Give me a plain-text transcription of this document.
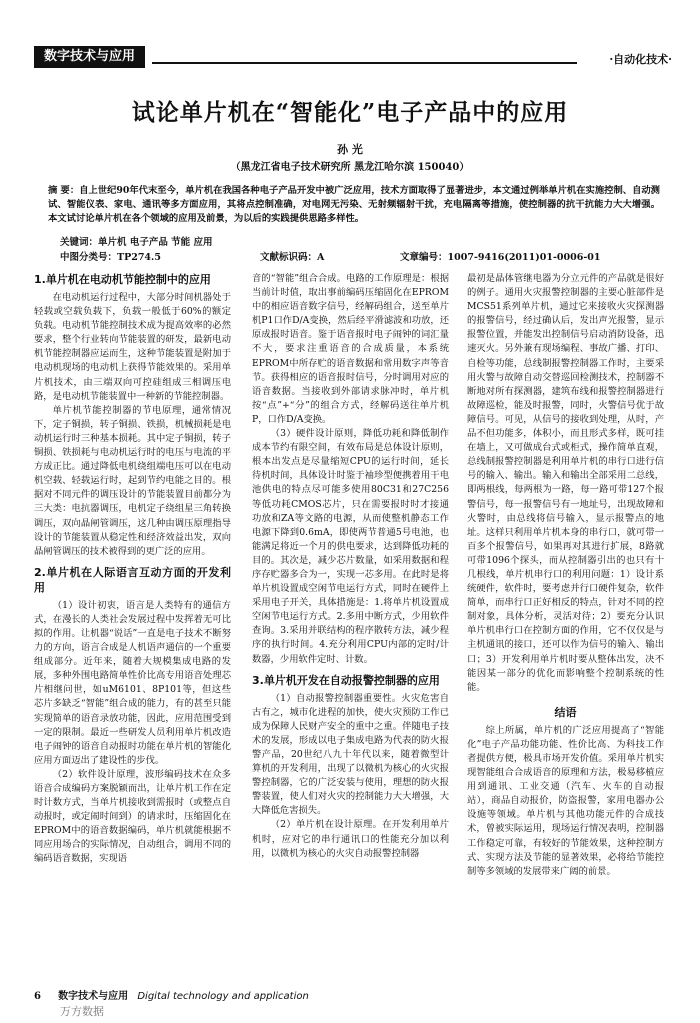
数字技术与应用	·自动化技术·
试论单片机在“智能化”电子产品中的应用
孙 光
（黑龙江省电子技术研究所 黑龙江哈尔滨 150040）
摘 要：自上世纪90年代末至今，单片机在我国各种电子产品开发中被广泛应用，技术方面取得了显著进步，本文通过例举单片机在实施控制、自动测试、智能仪表、家电、通讯等多方面应用，其将点控制准确，对电网无污染、无射频辐射干扰，充电隔离等措施，使控制器的抗干抗能力大大增强。本文试讨论单片机在各个领域的应用及前景，为以后的实践提供思路多样性。
关键词：单片机 电子产品 节能 应用
中图分类号：TP274.5	文献标识码：A	文章编号：1007-9416(2011)01-0006-01
1.单片机在电动机节能控制中的应用

在电动机运行过程中，大部分时间机器处于轻载或空载负载下，负载一般低于60%的额定负载。电动机节能控制技术成为提高效率的必然要求，整个行业转向节能装置的研发，最新电动机节能控制器应运而生，这种节能装置是附加于电动机现场的电动机上获得节能效果的。采用单片机技术，由三端双向可控硅组成三相调压电路，是电动机节能装置中一种新的节能控制器。

单片机节能控制器的节电原理，通常情况下，定子铜损，转子铜损、铁损，机械损耗是电动机运行时三种基本损耗。其中定子铜损，转子铜损、铁损耗与电动机运行时的电压与电流的平方成正比。通过降低电机绕组端电压可以在电动机空载、轻载运行时，起到节约电能之目的。根据对不同元件的调压设计的节能装置目前都分为三大类：电抗器调压，电机定子绕组星三角转换调压，双向晶闸管调压，这几种由调压原理指导设计的节能装置从稳定性和经济效益出发，双向晶闸管调压的技术被得到的更广泛的应用。

2.单片机在人际语言互动方面的开发利用

（1）设计初衷，语言是人类特有的通信方式，在漫长的人类社会发展过程中发挥着无可比拟的作用。让机器“说话”一直是电子技术不断努力的方向，语言合成是人机语声通信的一个重要组成部分。近年来，随着大规模集成电路的发展，多种外围电路简单性价比高专用语音处理芯片相继问世，如uM6101、8P101等，但这些芯片多缺乏“智能”组合成的能力，有的甚至只能实现简单的语音录放功能，因此，应用范围受到一定的限制。最近一些研发人员利用单片机改造电子闹钟的语音自动报时功能在单片机的智能化应用方面迈出了建设性的步伐。

（2）软件设计原理，波形编码技术在众多语音合成编码方案脱颖而出，让单片机工作在定时计数方式，当单片机接收到需报时（或整点自动报时，或定闹时间到）的请求时，压缩固化在EPROM中的语音数据编码，单片机就能根据不同应用场合的实际情况，自动组合，调用不同的编码语音数据，实现语

音的“智能”组合合成。电路的工作原理是：根据当前计时值，取出事前编码压缩固化在EPROM中的相应语音数字信号，经解码组合，送至单片机P1口作D/A变换，然后经平滑滤波和功放，还原成报时语音。鉴于语音报时电子闹钟的词汇量不大，要求注重语音的合成质量，本系统EPROM中所存贮的语音数据和常用数字声等音节。获得相应的语音报时信号，分时调用对应的语音数据。当接收到外部请求脉冲时，单片机按“点”+“分”的组合方式，经解码送往单片机P，口作D/A变换。

（3）硬件设计原则，降低功耗和降低制作成本节约有限空间，有效布局是总体设计原则，根本出发点是尽量缩短CPU的运行时间，延长待机时间，具体设计时鉴于袖珍型便携着用干电池供电的特点尽可能多使用80C31和27C256等低功耗CMOS芯片，只在需要报时时才接通功放和ZA等文路的电源，从而使整机静态工作电源下降到0.6mA，即使两节普通5号电池，也能满足将近一个月的供电要求，达到降低功耗的目的。其次是，减少芯片数量，如采用数据和程序存贮器多合为一，实现一芯多用。在此时是将单片机设置成空闲节电运行方式，同时在硬件上采用电子开关，具体措施是：1.将单片机设置成空闲节电运行方式。2.多用中断方式，少用软件查询。3.采用并联结构的程序散转方法，减少程序的执行时间。4.充分利用CPU内部的定时/计数器，少用软件定时、计数。

3.单片机开发在自动报警控制器的应用

（1）自动报警控制器重要性。火灾危害自古有之，城市化进程的加快，使火灾预防工作已成为保障人民财产安全的重中之重。伴随电子技术的发展，形成以电子集成电路为代表的防火报警产品，20世纪八九十年代以来，随着微型计算机的开发利用，出现了以微机为核心的火灾报警控制器，它的广泛安装与使用，理想的防火报警装置，使人们对火灾的控制能力大大增强，大大降低危害损失。

（2）单片机在设计原理。在开发利用单片机时，应对它的串行通讯口的性能充分加以利用，以微机为核心的火灾自动报警控制器

最初是晶体管继电器为分立元件的产品就是很好的例子。通用火灾报警控制器的主要心脏部件是MCS51系列单片机，通过它来接收火灾探测器的报警信号，经过确认后，发出声光报警，显示报警位置，并能发出控制信号启动消防设备，迅速灭火。另外兼有现场编程、事故广播、打印、自检等功能，总线制报警控制器工作时，主要采用火警与故障自动交替巡回检测技术，控制器不断地对所有探测器，建筑布线和报警控制器进行故障巡检，能及时报警，同时，火警信号优于故障信号。可见，从信号的接收到处理，从时，产品不但功能多，体积小，而且形式多样，既可挂在墙上，又可做成台式或柜式，操作简单直观，总线制报警控制器是利用单片机的串行口进行信号的输入、输出。输入和输出全部采用二总线，即两根线，每两根为一路，每一路可带127个报警信号，每一报警信号有一地址号，出现故障和火警时，由总线将信号输入，显示报警点的地址。这样只利用单片机本身的串行口，就可带一百多个报警信号，如果再对其进行扩展，8路就可带1096个探头，而从控制器引出的也只有十几根线，单片机串行口的利用问题：1）设计系统硬件，软件时，要考虑并行口硬件复杂，软件简单，而串行口正好相反的特点，针对不同的控制对象，具体分析，灵活对待；2）要充分认识单片机串行口在控制方面的作用，它不仅仅是与主机通讯的接口，还可以作为信号的输入、输出口；3）开发利用单片机时要从整体出发，决不能因某一部分的优化而影响整个控制系统的性能。

结语

综上所属，单片机的广泛应用提高了“智能化”电子产品功能功能、性价比高、为科技工作者提供方便，极具市场开发价值。采用单片机实现智能组合合成语音的原理和方法，极易移植应用到通讯、工业交通（汽车、火车的自动报站），商品自动报价，防盗报警，家用电器办公设施等领域。单片机与其他功能元件的合成技术，曾被实际运用，现场运行情况表明，控制器工作稳定可靠，有较好的节能效果，这种控制方式、实现方法及节能的显著效果，必将给节能控制等多领域的发展带来广阔的前景。

6 数字技术与应用 Digital technology and application
万方数据
